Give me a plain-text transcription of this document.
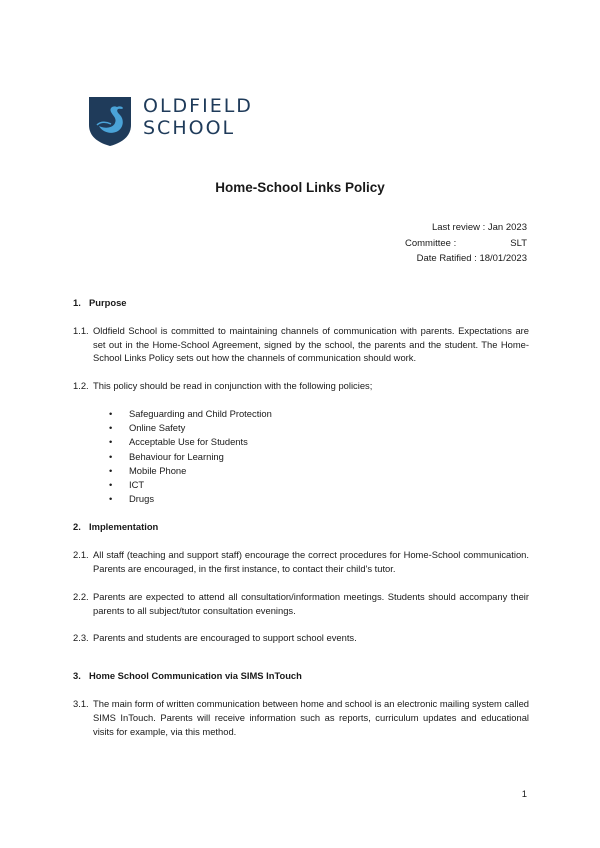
OLDFIELD
SCHOOL
Home-School Links Policy
Last review : Jan 2023
Committee :	SLT
Date Ratified : 18/01/2023
1. Purpose
1.1. Oldfield School is committed to maintaining channels of communication with parents. Expectations are set out in the Home-School Agreement, signed by the school, the parents and the student. The Home-School Links Policy sets out how the channels of communication should work.
1.2. This policy should be read in conjunction with the following policies;
•	Safeguarding and Child Protection
•	Online Safety
•	Acceptable Use for Students
•	Behaviour for Learning
•	Mobile Phone
•	ICT
•	Drugs
2. Implementation
2.1. All staff (teaching and support staff) encourage the correct procedures for Home-School communication. Parents are encouraged, in the first instance, to contact their child's tutor.
2.2. Parents are expected to attend all consultation/information meetings. Students should accompany their parents to all subject/tutor consultation evenings.
2.3. Parents and students are encouraged to support school events.
3. Home School Communication via SIMS InTouch
3.1. The main form of written communication between home and school is an electronic mailing system called SIMS InTouch. Parents will receive information such as reports, curriculum updates and educational visits for example, via this method.
1
